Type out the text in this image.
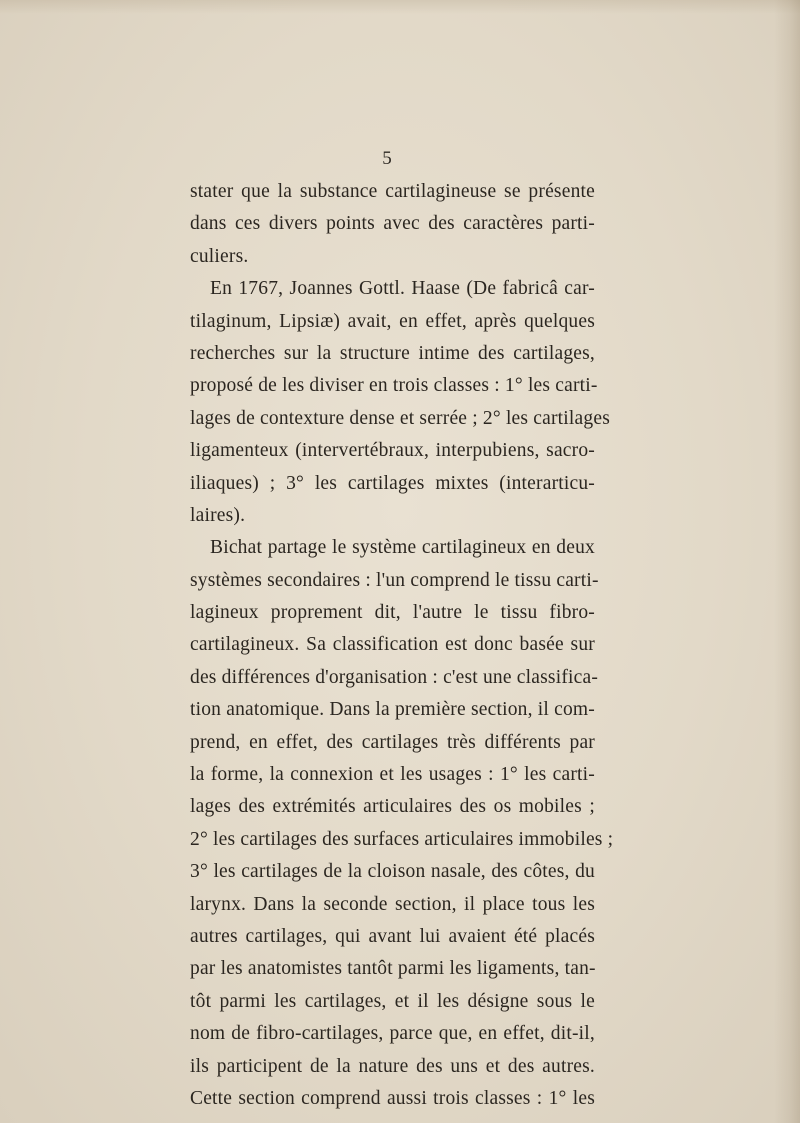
5
stater que la substance cartilagineuse se présente
dans ces divers points avec des caractères parti-
culiers.
En 1767, Joannes Gottl. Haase (De fabricâ car-
tilaginum, Lipsiæ) avait, en effet, après quelques
recherches sur la structure intime des cartilages,
proposé de les diviser en trois classes : 1° les carti-
lages de contexture dense et serrée ; 2° les cartilages
ligamenteux (intervertébraux, interpubiens, sacro-
iliaques) ; 3° les cartilages mixtes (interarticu-
laires).
Bichat partage le système cartilagineux en deux
systèmes secondaires : l'un comprend le tissu carti-
lagineux proprement dit, l'autre le tissu fibro-
cartilagineux. Sa classification est donc basée sur
des différences d'organisation : c'est une classifica-
tion anatomique. Dans la première section, il com-
prend, en effet, des cartilages très différents par
la forme, la connexion et les usages : 1° les carti-
lages des extrémités articulaires des os mobiles ;
2° les cartilages des surfaces articulaires immobiles ;
3° les cartilages de la cloison nasale, des côtes, du
larynx. Dans la seconde section, il place tous les
autres cartilages, qui avant lui avaient été placés
par les anatomistes tantôt parmi les ligaments, tan-
tôt parmi les cartilages, et il les désigne sous le
nom de fibro-cartilages, parce que, en effet, dit-il,
ils participent de la nature des uns et des autres.
Cette section comprend aussi trois classes : 1° les
